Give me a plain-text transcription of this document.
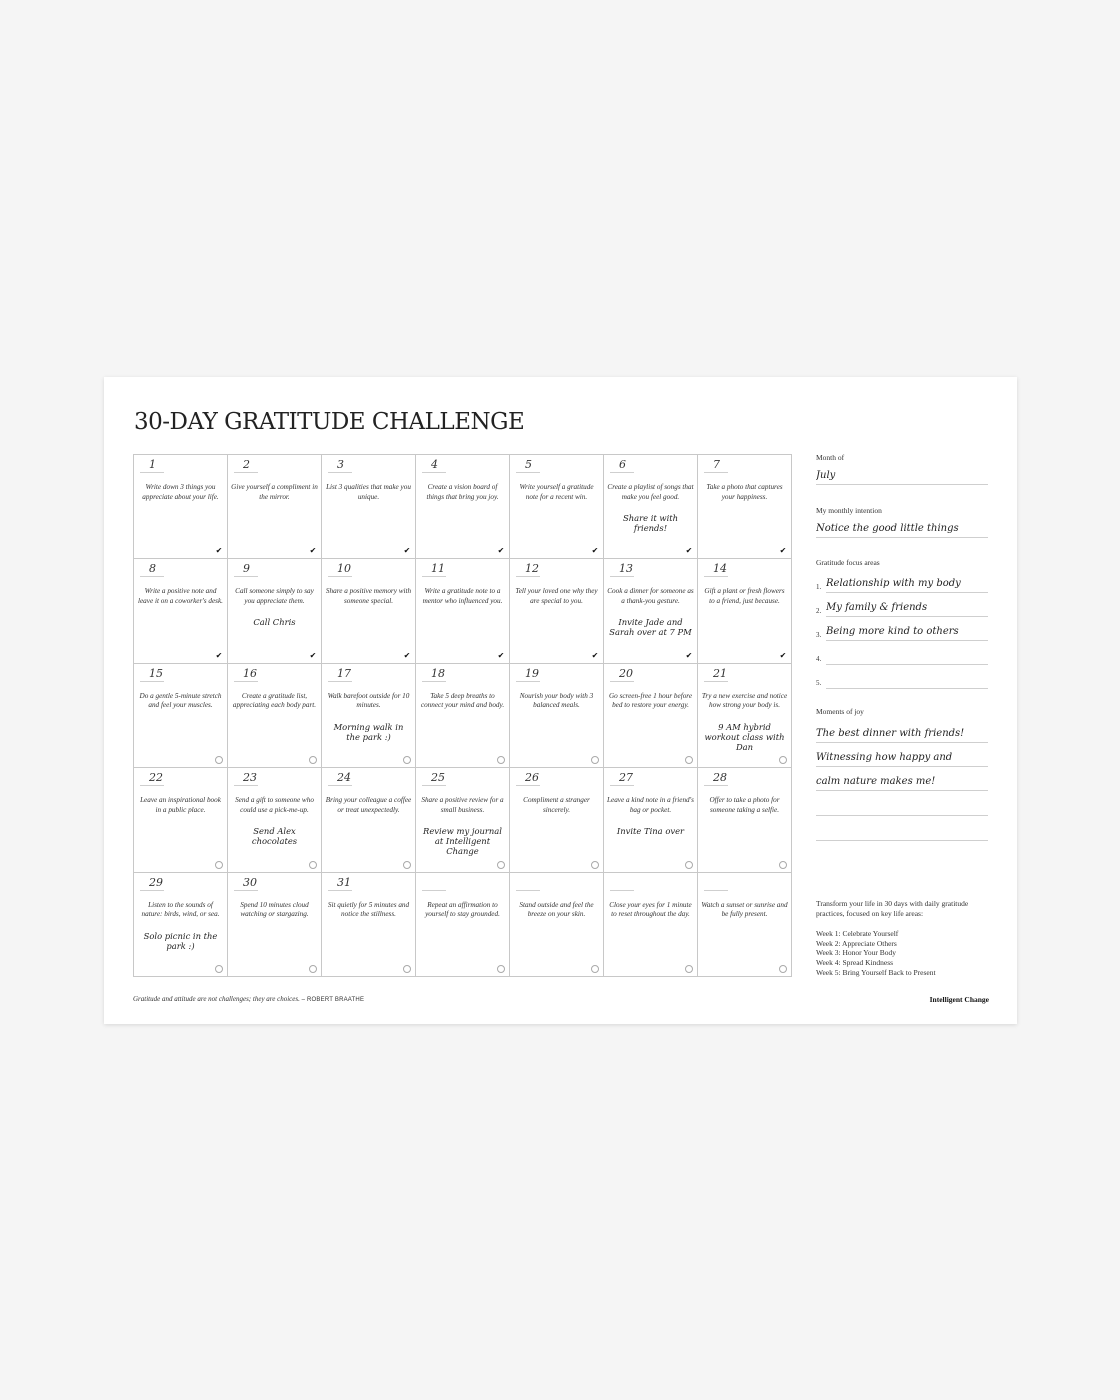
30-DAY GRATITUDE CHALLENGE
1
Write down 3 things you appreciate about your life.
✔
2
Give yourself a compliment in the mirror.
✔
3
List 3 qualities that make you unique.
✔
4
Create a vision board of things that bring you joy.
✔
5
Write yourself a gratitude note for a recent win.
✔
6
Create a playlist of songs that make you feel good.
Share it with friends!
✔
7
Take a photo that captures your happiness.
✔
8
Write a positive note and leave it on a coworker's desk.
✔
9
Call someone simply to say you appreciate them.
Call Chris
✔
10
Share a positive memory with someone special.
✔
11
Write a gratitude note to a mentor who influenced you.
✔
12
Tell your loved one why they are special to you.
✔
13
Cook a dinner for someone as a thank-you gesture.
Invite Jade and Sarah over at 7 PM
✔
14
Gift a plant or fresh flowers to a friend, just because.
✔
15
Do a gentle 5-minute stretch and feel your muscles.
16
Create a gratitude list, appreciating each body part.
17
Walk barefoot outside for 10 minutes.
Morning walk in the park :)
18
Take 5 deep breaths to connect your mind and body.
19
Nourish your body with 3 balanced meals.
20
Go screen-free 1 hour before bed to restore your energy.
21
Try a new exercise and notice how strong your body is.
9 AM hybrid workout class with Dan
22
Leave an inspirational book in a public place.
23
Send a gift to someone who could use a pick-me-up.
Send Alex chocolates
24
Bring your colleague a coffee or treat unexpectedly.
25
Share a positive review for a small business.
Review my journal at Intelligent Change
26
Compliment a stranger sincerely.
27
Leave a kind note in a friend's bag or pocket.
Invite Tina over
28
Offer to take a photo for someone taking a selfie.
29
Listen to the sounds of nature: birds, wind, or sea.
Solo picnic in the park :)
30
Spend 10 minutes cloud watching or stargazing.
31
Sit quietly for 5 minutes and notice the stillness.
Repeat an affirmation to yourself to stay grounded.
Stand outside and feel the breeze on your skin.
Close your eyes for 1 minute to reset throughout the day.
Watch a sunset or sunrise and be fully present.
Month of
July
My monthly intention
Notice the good little things
Gratitude focus areas
1. Relationship with my body
2. My family & friends
3. Being more kind to others
4.
5.
Moments of joy
The best dinner with friends!
Witnessing how happy and
calm nature makes me!
Transform your life in 30 days with daily gratitude practices, focused on key life areas:
Week 1: Celebrate Yourself
Week 2: Appreciate Others
Week 3: Honor Your Body
Week 4: Spread Kindness
Week 5: Bring Yourself Back to Present
Gratitude and attitude are not challenges; they are choices. – ROBERT BRAATHE	Intelligent Change
